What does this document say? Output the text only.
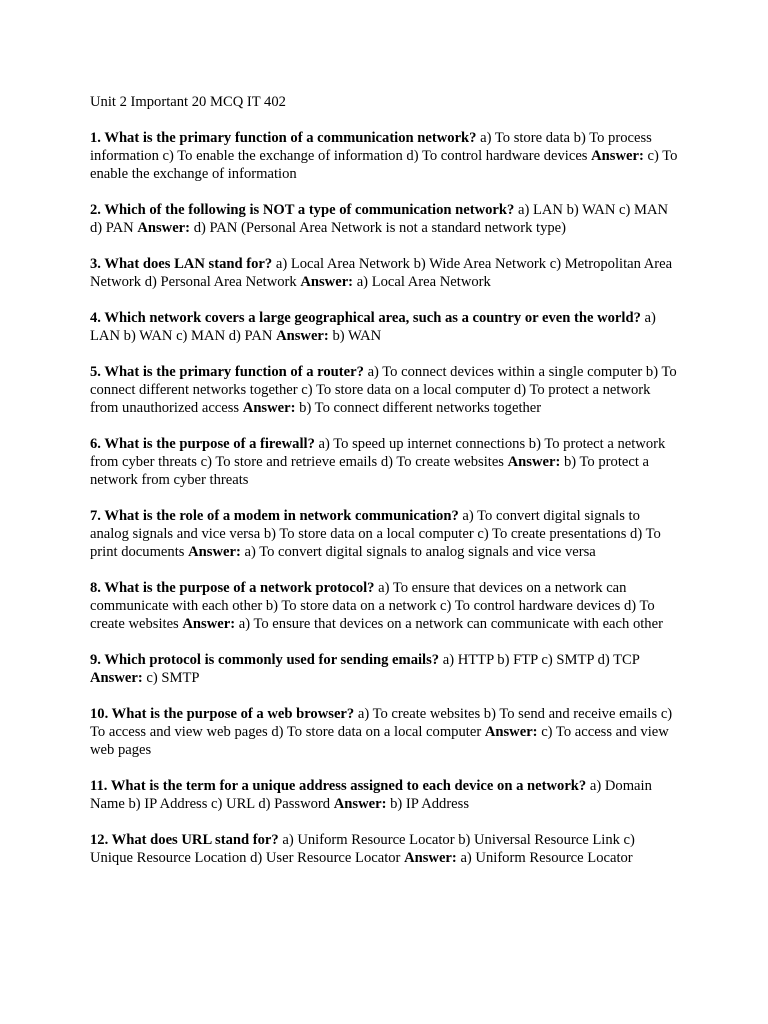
Unit 2 Important 20 MCQ IT 402

1. What is the primary function of a communication network? a) To store data b) To process information c) To enable the exchange of information d) To control hardware devices Answer: c) To enable the exchange of information

2. Which of the following is NOT a type of communication network? a) LAN b) WAN c) MAN d) PAN Answer: d) PAN (Personal Area Network is not a standard network type)

3. What does LAN stand for? a) Local Area Network b) Wide Area Network c) Metropolitan Area Network d) Personal Area Network Answer: a) Local Area Network

4. Which network covers a large geographical area, such as a country or even the world? a) LAN b) WAN c) MAN d) PAN Answer: b) WAN

5. What is the primary function of a router? a) To connect devices within a single computer b) To connect different networks together c) To store data on a local computer d) To protect a network from unauthorized access Answer: b) To connect different networks together

6. What is the purpose of a firewall? a) To speed up internet connections b) To protect a network from cyber threats c) To store and retrieve emails d) To create websites Answer: b) To protect a network from cyber threats

7. What is the role of a modem in network communication? a) To convert digital signals to analog signals and vice versa b) To store data on a local computer c) To create presentations d) To print documents Answer: a) To convert digital signals to analog signals and vice versa

8. What is the purpose of a network protocol? a) To ensure that devices on a network can communicate with each other b) To store data on a network c) To control hardware devices d) To create websites Answer: a) To ensure that devices on a network can communicate with each other

9. Which protocol is commonly used for sending emails? a) HTTP b) FTP c) SMTP d) TCP Answer: c) SMTP

10. What is the purpose of a web browser? a) To create websites b) To send and receive emails c) To access and view web pages d) To store data on a local computer Answer: c) To access and view web pages

11. What is the term for a unique address assigned to each device on a network? a) Domain Name b) IP Address c) URL d) Password Answer: b) IP Address

12. What does URL stand for? a) Uniform Resource Locator b) Universal Resource Link c) Unique Resource Location d) User Resource Locator Answer: a) Uniform Resource Locator
